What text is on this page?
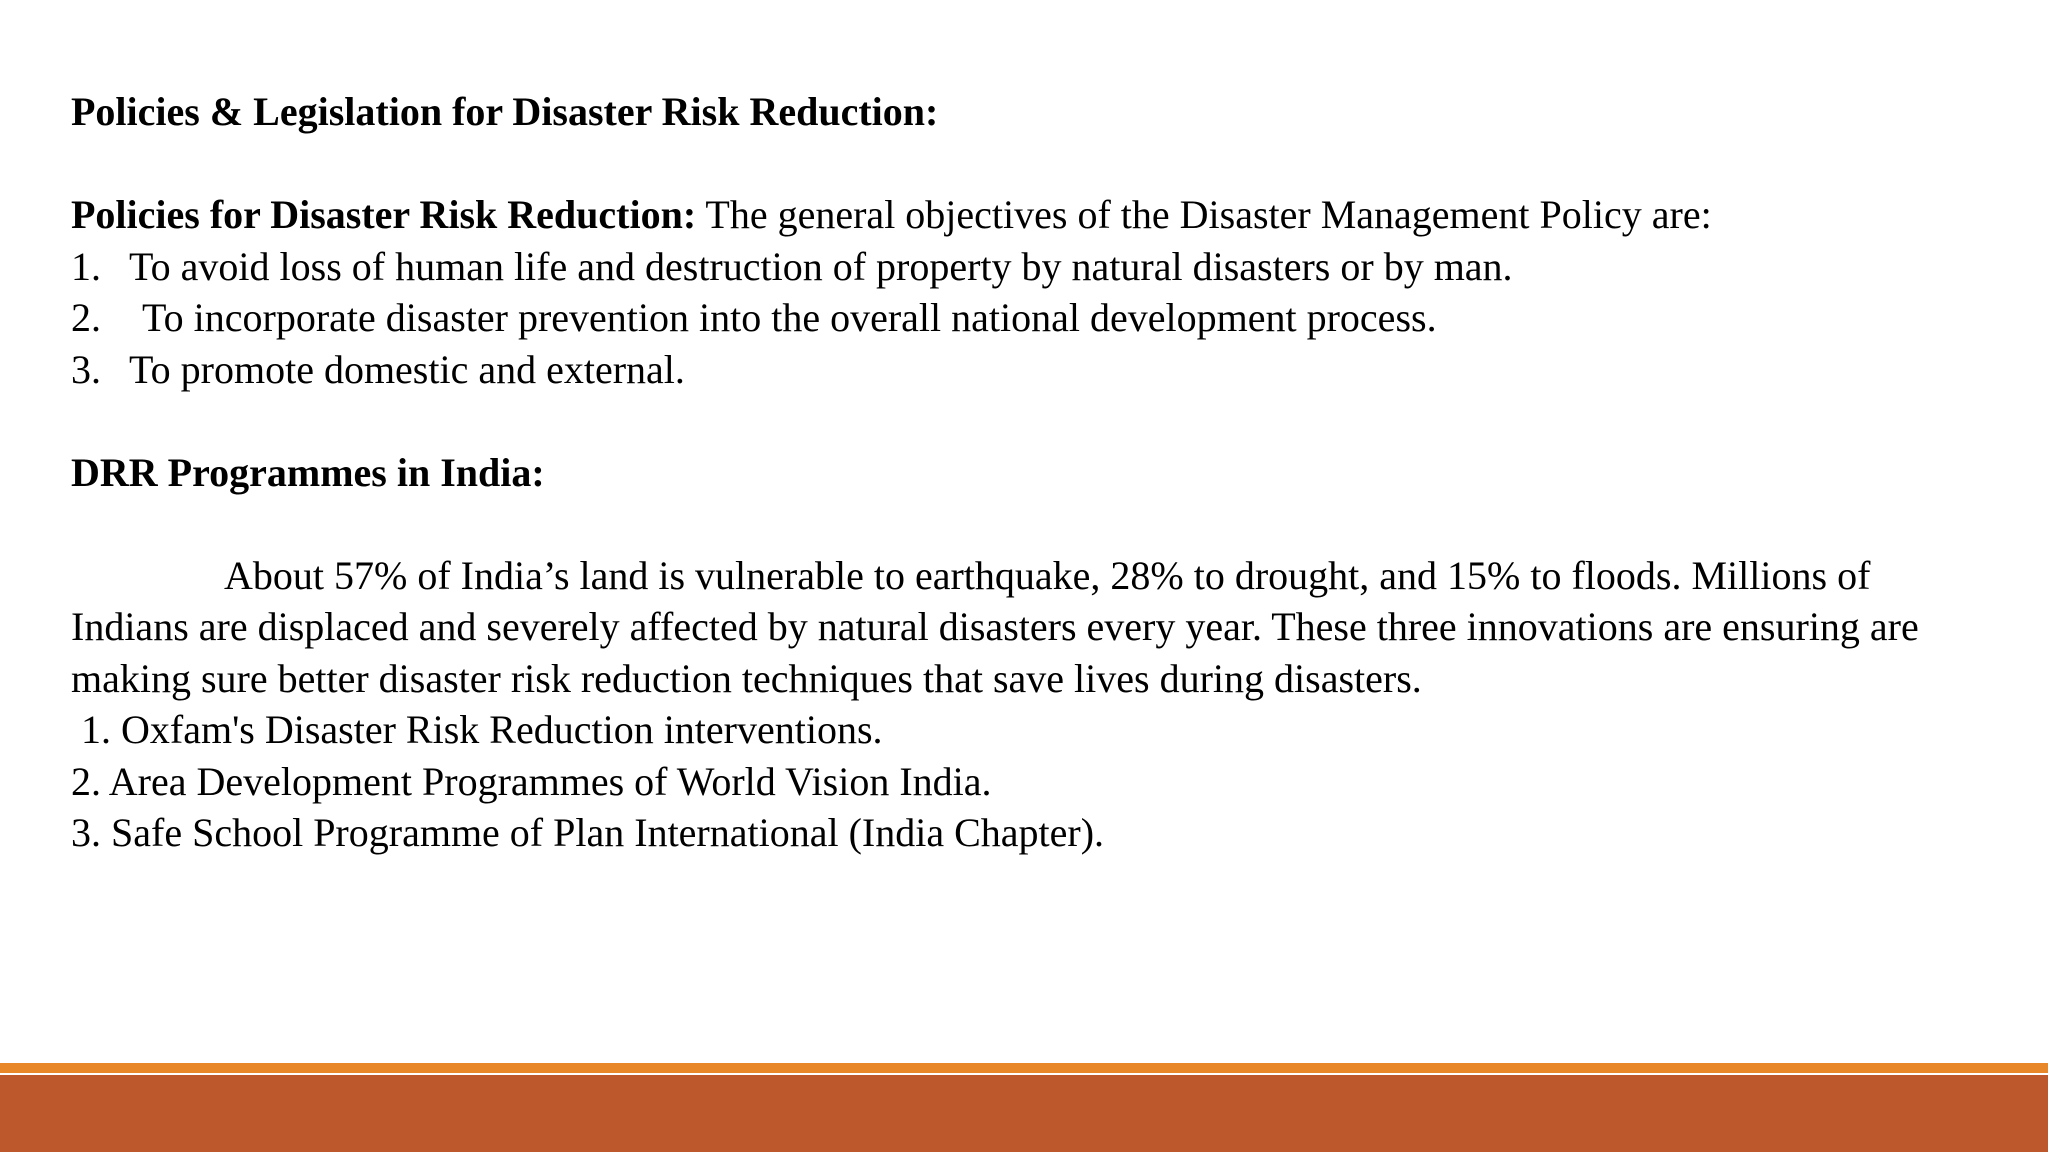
Policies & Legislation for Disaster Risk Reduction:
Policies for Disaster Risk Reduction: The general objectives of the Disaster Management Policy are:
1. To avoid loss of human life and destruction of property by natural disasters or by man.
2.	To incorporate disaster prevention into the overall national development process.
3. To promote domestic and external.
DRR Programmes in India:
About 57% of India’s land is vulnerable to earthquake, 28% to drought, and 15% to floods. Millions of Indians are displaced and severely affected by natural disasters every year. These three innovations are ensuring are making sure better disaster risk reduction techniques that save lives during disasters.
1. Oxfam's Disaster Risk Reduction interventions.
2. Area Development Programmes of World Vision India.
3. Safe School Programme of Plan International (India Chapter).
